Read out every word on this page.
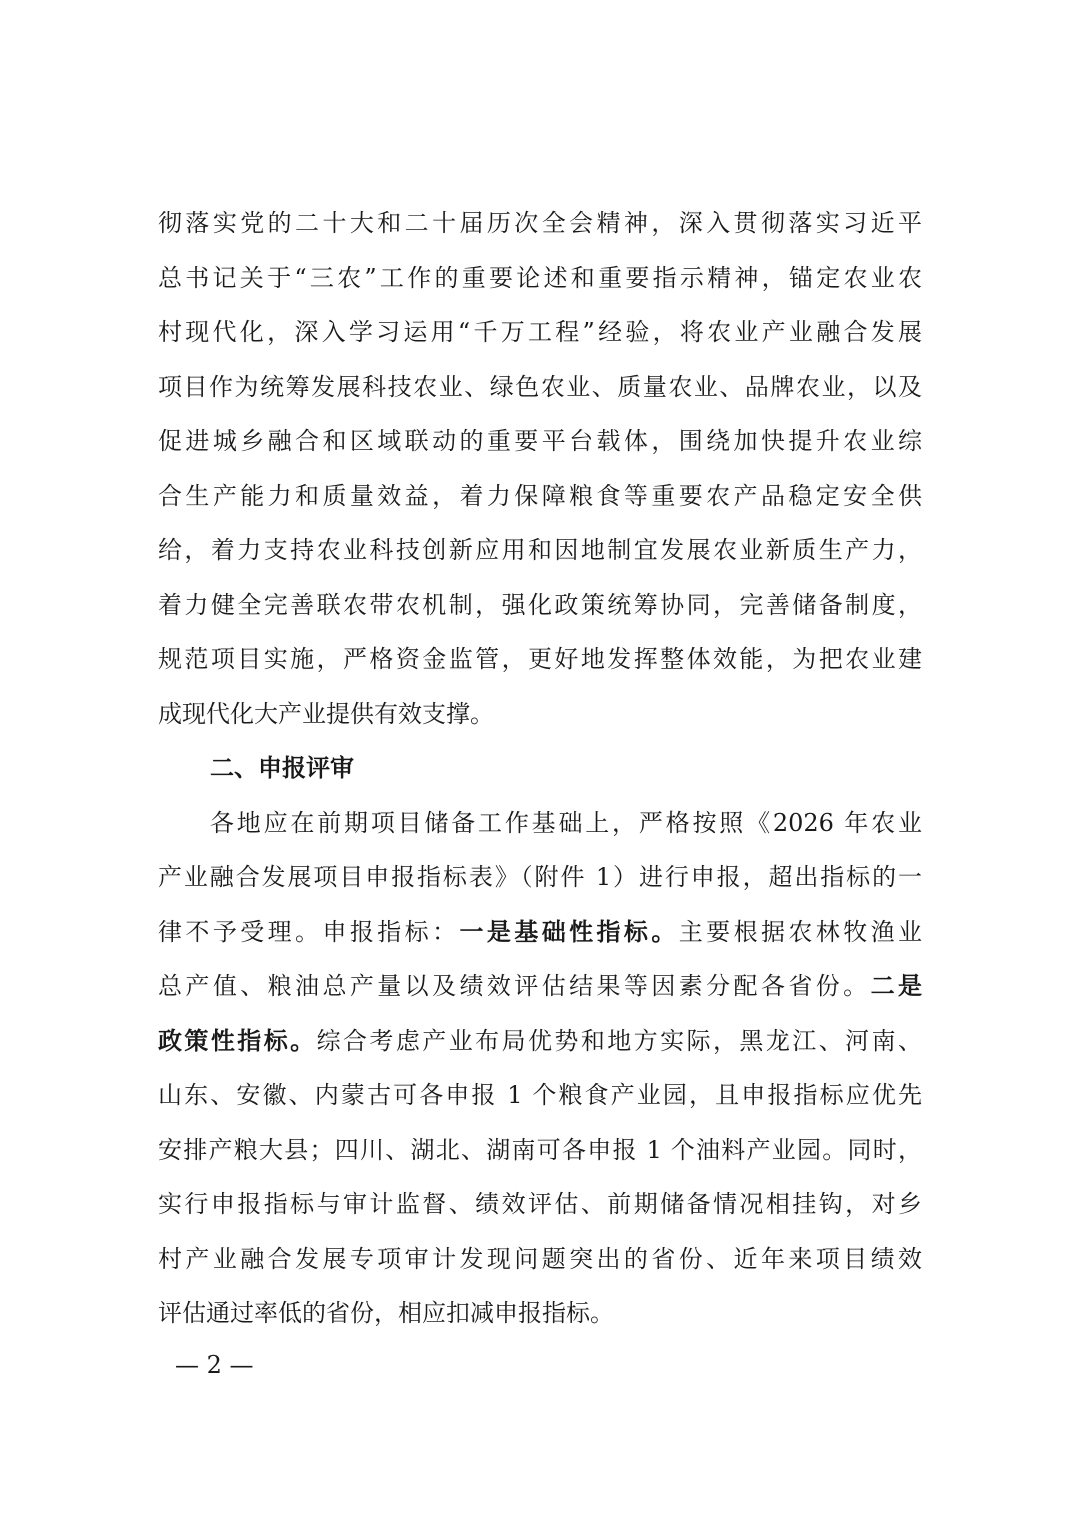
彻落实党的二十大和二十届历次全会精神，深入贯彻落实习近平
总书记关于“三农”工作的重要论述和重要指示精神，锚定农业农
村现代化，深入学习运用“千万工程”经验，将农业产业融合发展
项目作为统筹发展科技农业、绿色农业、质量农业、品牌农业，以及
促进城乡融合和区域联动的重要平台载体，围绕加快提升农业综
合生产能力和质量效益，着力保障粮食等重要农产品稳定安全供
给，着力支持农业科技创新应用和因地制宜发展农业新质生产力，
着力健全完善联农带农机制，强化政策统筹协同，完善储备制度，
规范项目实施，严格资金监管，更好地发挥整体效能，为把农业建
成现代化大产业提供有效支撑。
二、申报评审
各地应在前期项目储备工作基础上，严格按照《2026 年农业
产业融合发展项目申报指标表》（附件 1）进行申报，超出指标的一
律不予受理。申报指标：一是基础性指标。主要根据农林牧渔业
总产值、粮油总产量以及绩效评估结果等因素分配各省份。二是
政策性指标。综合考虑产业布局优势和地方实际，黑龙江、河南、
山东、安徽、内蒙古可各申报 1 个粮食产业园，且申报指标应优先
安排产粮大县；四川、湖北、湖南可各申报 1 个油料产业园。同时，
实行申报指标与审计监督、绩效评估、前期储备情况相挂钩，对乡
村产业融合发展专项审计发现问题突出的省份、近年来项目绩效
评估通过率低的省份，相应扣减申报指标。
— 2 —
